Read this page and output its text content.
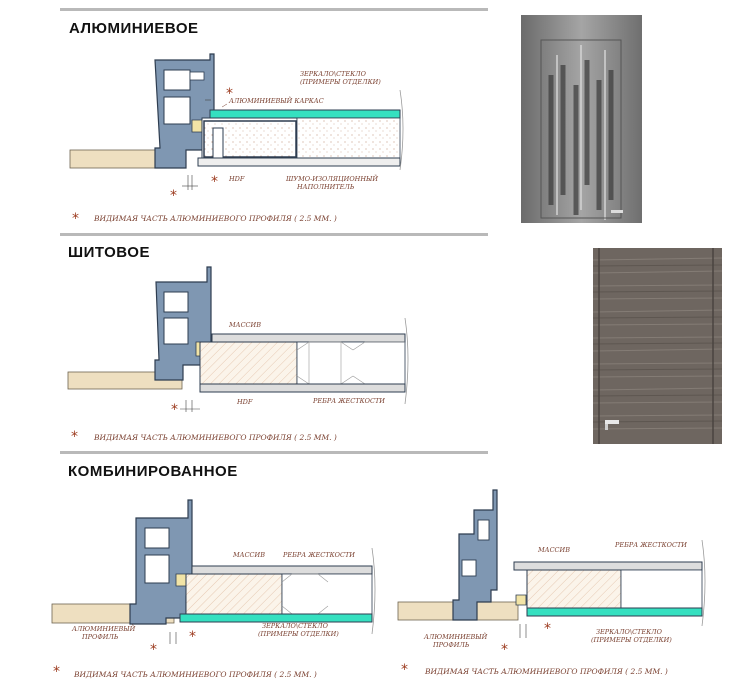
АЛЮМИНИЕВОЕ
ШИТОВОЕ
КОМБИНИРОВАННОЕ
ЗЕРКАЛО\СТЕКЛО
(ПРИМЕРЫ ОТДЕЛКИ)
АЛЮМИНИЕВЫЙ КАРКАС
HDF	ШУМО-ИЗОЛЯЦИОННЫЙ
НАПОЛНИТЕЛЬ
*
*
*
* ВИДИМАЯ ЧАСТЬ АЛЮМИНИЕВОГО ПРОФИЛЯ ( 2.5 ММ. )
МАССИВ
HDF	РЕБРА ЖЕСТКОСТИ
*
* ВИДИМАЯ ЧАСТЬ АЛЮМИНИЕВОГО ПРОФИЛЯ ( 2.5 ММ. )
МАССИВ	РЕБРА ЖЕСТКОСТИ
АЛЮМИНИЕВЫЙ
ПРОФИЛЬ
ЗЕРКАЛО\СТЕКЛО
(ПРИМЕРЫ ОТДЕЛКИ)
*
*
* ВИДИМАЯ ЧАСТЬ АЛЮМИНИЕВОГО ПРОФИЛЯ ( 2.5 ММ. )
МАССИВ
РЕБРА ЖЕСТКОСТИ
АЛЮМИНИЕВЫЙ
ПРОФИЛЬ
ЗЕРКАЛО\СТЕКЛО
(ПРИМЕРЫ ОТДЕЛКИ)
*
*
* ВИДИМАЯ ЧАСТЬ АЛЮМИНИЕВОГО ПРОФИЛЯ ( 2.5 ММ. )
